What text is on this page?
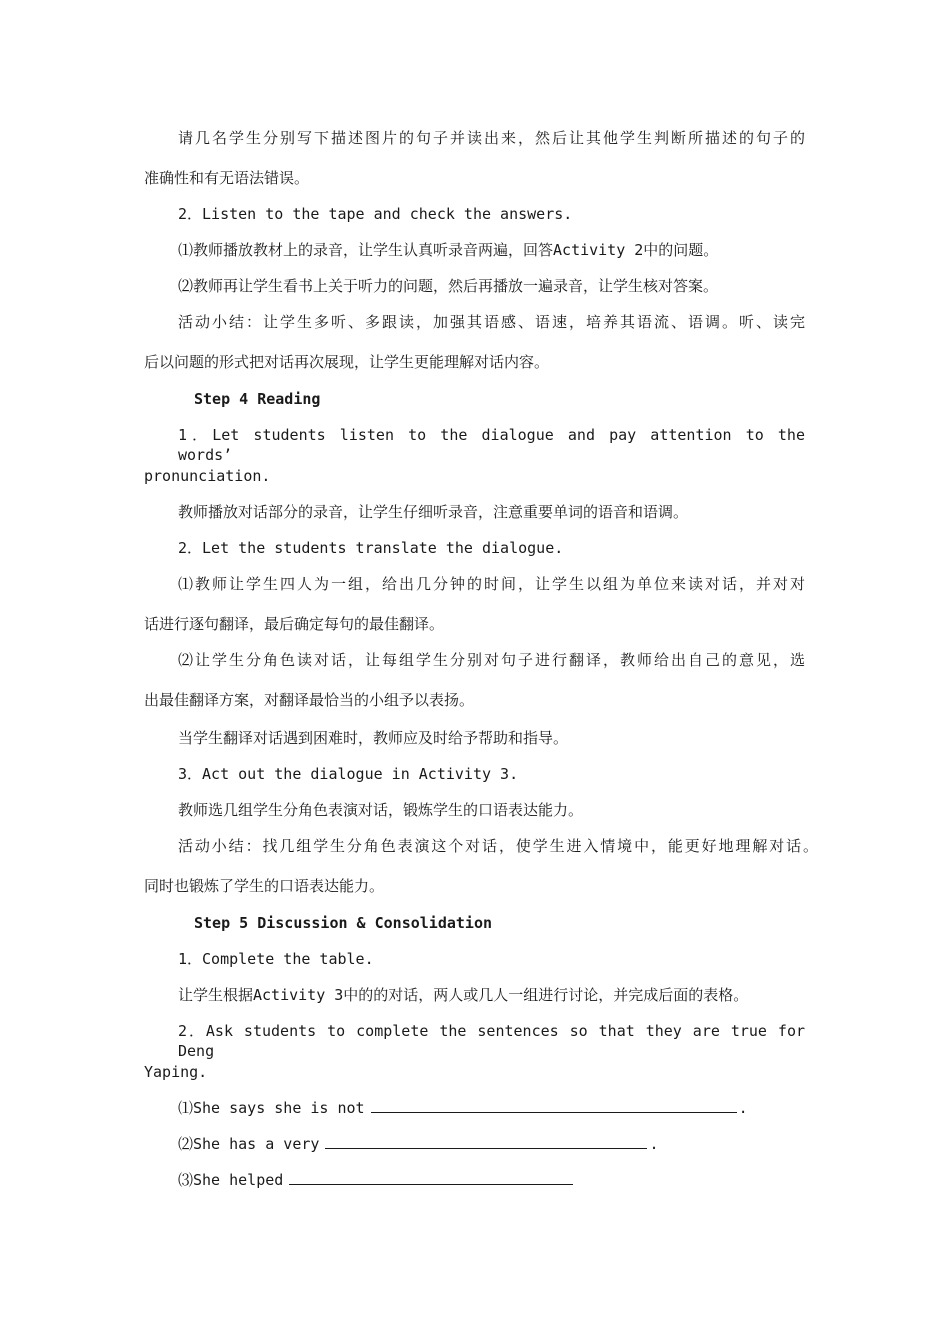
请几名学生分别写下描述图片的句子并读出来，然后让其他学生判断所描述的句子的
准确性和有无语法错误。
2．Listen to the tape and check the answers.
⑴教师播放教材上的录音，让学生认真听录音两遍，回答Activity 2中的问题。
⑵教师再让学生看书上关于听力的问题，然后再播放一遍录音，让学生核对答案。
活动小结：让学生多听、多跟读，加强其语感、语速，培养其语流、语调。听、读完
后以问题的形式把对话再次展现，让学生更能理解对话内容。
Step 4 Reading
1．Let students listen to the dialogue and pay attention to the words’
pronunciation.
教师播放对话部分的录音，让学生仔细听录音，注意重要单词的语音和语调。
2．Let the students translate the dialogue.
⑴教师让学生四人为一组，给出几分钟的时间，让学生以组为单位来读对话，并对对
话进行逐句翻译，最后确定每句的最佳翻译。
⑵让学生分角色读对话，让每组学生分别对句子进行翻译，教师给出自己的意见，选
出最佳翻译方案，对翻译最恰当的小组予以表扬。
当学生翻译对话遇到困难时，教师应及时给予帮助和指导。
3．Act out the dialogue in Activity 3.
教师选几组学生分角色表演对话，锻炼学生的口语表达能力。
活动小结：找几组学生分角色表演这个对话，使学生进入情境中，能更好地理解对话。
同时也锻炼了学生的口语表达能力。
Step 5 Discussion & Consolidation
1．Complete the table.
让学生根据Activity 3中的的对话，两人或几人一组进行讨论，并完成后面的表格。
2．Ask students to complete the sentences so that they are true for Deng
Yaping.
⑴She says she is not	.
⑵She has a very	.
⑶She helped
